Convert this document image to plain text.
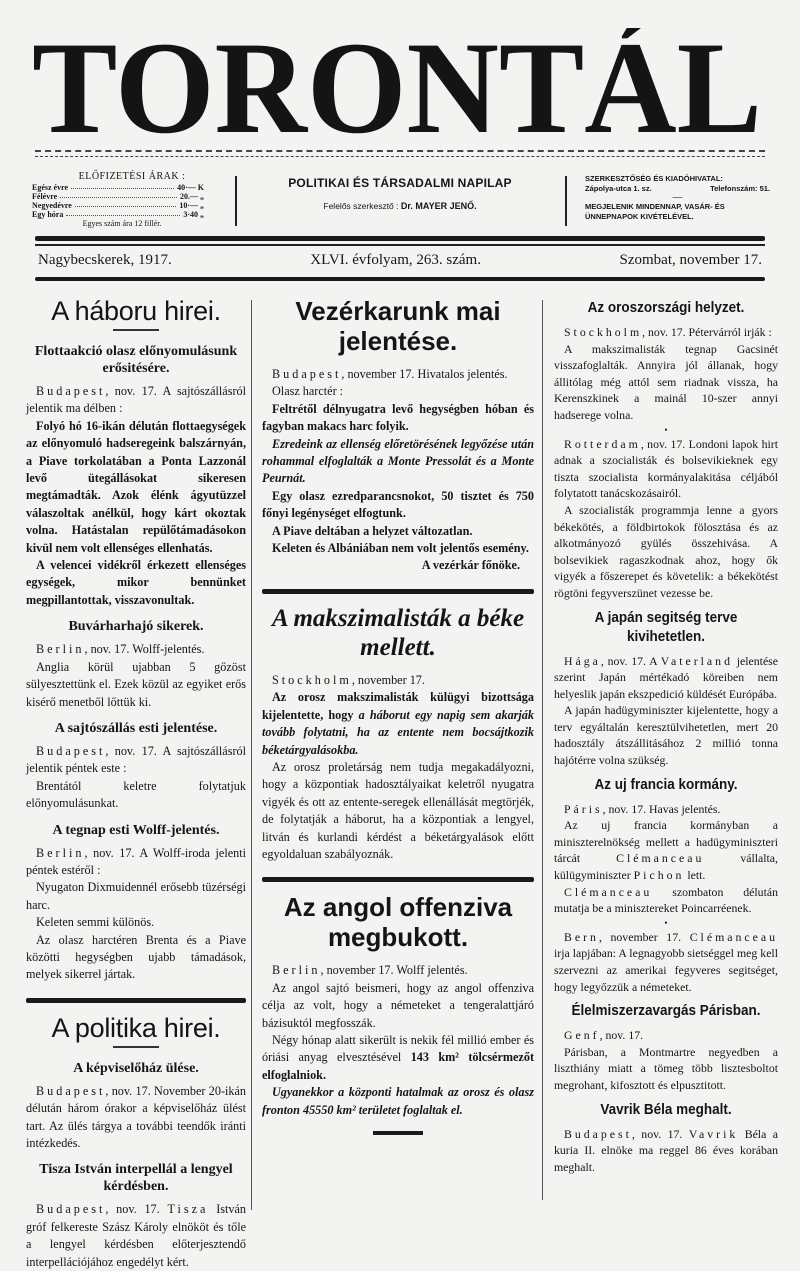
TORONTÁL
ELŐFIZETÉSI ÁRAK :
Egész évre	40·— K
Félévre	20.— „
Negyedévre	10·— „
Egy hóra	3·40 „
Egyes szám ára 12 fillér.
POLITIKAI ÉS TÁRSADALMI NAPILAP
Felelős szerkesztő : Dr. MAYER JENŐ.
SZERKESZTŐSÉG ÉS KIADÓHIVATAL:
Zápolya-utca 1. sz.	Telefonszám: 51.
——
MEGJELENIK MINDENNAP, VASÁR- ÉS ÜNNEPNAPOK KIVÉTELÉVEL.
Nagybecskerek, 1917.	XLVI. évfolyam, 263. szám.	Szombat, november 17.
A háboru hirei.
Flottaakció olasz előnyomulásunk erősitésére.

Budapest, nov. 17. A sajtószállásról jelentik ma délben :

Folyó hó 16-ikán délután flottaegységek az előnyomuló hadseregeink balszárnyán, a Piave torkolatában a Ponta Lazzonál levő ütegállásokat sikeresen megtámadták. Azok élénk ágyutüzzel válaszoltak anélkül, hogy kárt okoztak volna. Hatástalan repülőtámadásokon kivül nem volt ellenséges ellenhatás.

A velencei vidékről érkezett ellenséges egységek, mikor bennünket megpillantottak, visszavonultak.

Buvárharhajó sikerek.

Berlin, nov. 17. Wolff-jelentés.

Anglia körül ujabban 5 gőzöst sülyesztettünk el. Ezek közül az egyiket erős kisérő menetből lőttük ki.

A sajtószállás esti jelentése.

Budapest, nov. 17. A sajtószállásról jelentik péntek este :

Brentától keletre folytatjuk előnyomulásunkat.

A tegnap esti Wolff-jelentés.

Berlin, nov. 17. A Wolff-iroda jelenti péntek estéről :

Nyugaton Dixmuidennél erősebb tüzérségi harc.

Keleten semmi különös.

Az olasz harctéren Brenta és a Piave közötti hegységben ujabb támadások, melyek sikerrel jártak.

A politika hirei.
A képviselőház ülése.

Budapest, nov. 17. November 20-ikán délután három órakor a képviselőház ülést tart. Az ülés tárgya a további teendők iránti intézkedés.

Tisza István interpellál a lengyel kérdésben.

Budapest, nov. 17. Tisza István gróf felkereste Szász Károly elnököt és tőle a lengyel kérdésben előterjesztendő interpellációjához engedélyt kért.

Vezérkarunk mai jelentése.

Budapest, november 17. Hivatalos jelentés.

Olasz harctér :

Feltrétől délnyugatra levő hegységben hóban és fagyban makacs harc folyik.

Ezredeink az ellenség előretörésének legyőzése után rohammal elfoglalták a Monte Pressolát és a Monte Peurnát.

Egy olasz ezredparancsnokot, 50 tisztet és 750 főnyi legénységet elfogtunk.

A Piave deltában a helyzet változatlan.

Keleten és Albániában nem volt jelentős esemény.

A vezérkár főnöke.

A makszimalisták a béke mellett.

Stockholm, november 17.

Az orosz makszimalisták külügyi bizottsága kijelentette, hogy a háborut egy napig sem akarják tovább folytatni, ha az entente nem bocsájtkozik béketárgyalásokba.

Az orosz proletárság nem tudja megakadályozni, hogy a központiak hadosztályaikat keletről nyugatra vigyék és ott az entente-seregek ellenállását megtörjék, de folytatják a háborut, ha a központiak a lengyel, litván és kurlandi kérdést a béketárgyalások előtt egyoldaluan szabályoznák.

Az angol offenziva megbukott.

Berlin, november 17. Wolff jelentés.

Az angol sajtó beismeri, hogy az angol offenziva célja az volt, hogy a németeket a tengeralattjáró bázisuktól megfosszák.

Négy hónap alatt sikerült is nekik fél millió ember és óriási anyag elvesztésével 143 km² tölcsérmezőt elfoglalniok.

Ugyanekkor a központi hatalmak az orosz és olasz fronton 45550 km² területet foglaltak el.

Az oroszországi helyzet.

Stockholm, nov. 17. Pétervárról irják :

A makszimalisták tegnap Gacsinét visszafoglalták. Annyira jól állanak, hogy állitólag még attól sem riadnak vissza, ha Kerenszkinek a mainál 10-szer annyi hadserege volna.

•

Rotterdam, nov. 17. Londoni lapok hirt adnak a szocialisták és bolsevikieknek egy tiszta szocialista kormányalakitása céljából folytatott tanácskozásairól.

A szocialisták programmja lenne a gyors békekötés, a földbirtokok fölosztása és az alkotmányozó gyülés összehivása. A bolsevikiek ragaszkodnak ahoz, hogy ők vigyék a főszerepet és követelik: a békekötést rögtöni fegyverszünet vezesse be.

A japán segitség terve kivihetetlen.

Hága, nov. 17. A Vaterland jelentése szerint Japán mértékadó köreiben nem helyeslik japán ekszpedició küldését Európába.

A japán hadügyminiszter kijelentette, hogy a terv egyáltalán keresztülvihetetlen, mert 20 hadosztály átszállitásához 2 millió tonna hajótérre volna szükség.

Az uj francia kormány.

Páris, nov. 17. Havas jelentés.

Az uj francia kormányban a miniszterelnökség mellett a hadügyminiszteri tárcát Clémanceau vállalta, külügyminiszter Pichon lett.

Clémanceau szombaton délután mutatja be a minisztereket Poincarréenek.

•

Bern, november 17. Clémanceau irja lapjában: A legnagyobb sietséggel meg kell szervezni az amerikai fegyveres segitséget, hogy legyőzzük a németeket.

Élelmiszerzavargás Párisban.

Genf, nov. 17.

Párisban, a Montmartre negyedben a liszthiány miatt a tömeg több lisztesboltot megrohant, kifosztott és elpusztitott.

Vavrik Béla meghalt.

Budapest, nov. 17. Vavrik Béla a kuria II. elnöke ma reggel 86 éves korában meghalt.
